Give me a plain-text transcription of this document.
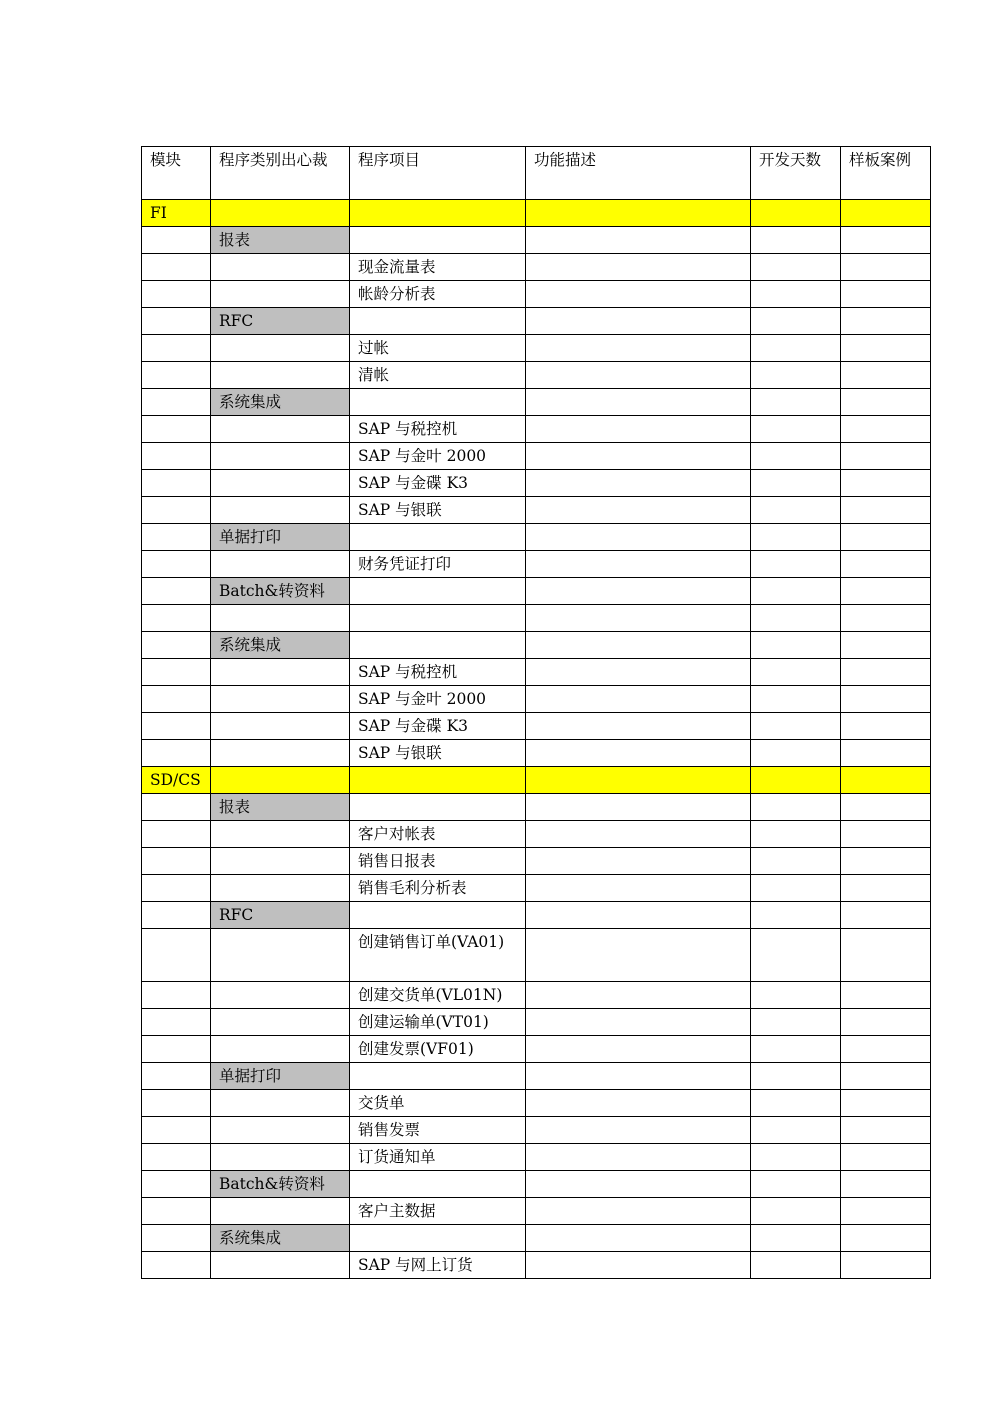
模块	程序类别出心裁	程序项目	功能描述	开发天数	样板案例

FI					
	报表				
		现金流量表			
		帐龄分析表			
	RFC				
		过帐			
		清帐			
	系统集成				
		SAP 与税控机			
		SAP 与金叶 2000			
		SAP 与金碟 K3			
		SAP 与银联			
	单据打印				
		财务凭证打印			
	Batch&转资料				

	系统集成				
		SAP 与税控机			
		SAP 与金叶 2000			
		SAP 与金碟 K3			
		SAP 与银联			
SD/CS					
	报表				
		客户对帐表			
		销售日报表			
		销售毛利分析表			
	RFC				

		创建销售订单(VA01)			

		创建交货单(VL01N)			
		创建运输单(VT01)			
		创建发票(VF01)			
	单据打印				
		交货单			
		销售发票			
		订货通知单			
	Batch&转资料				
		客户主数据			
	系统集成				
		SAP 与网上订货			
